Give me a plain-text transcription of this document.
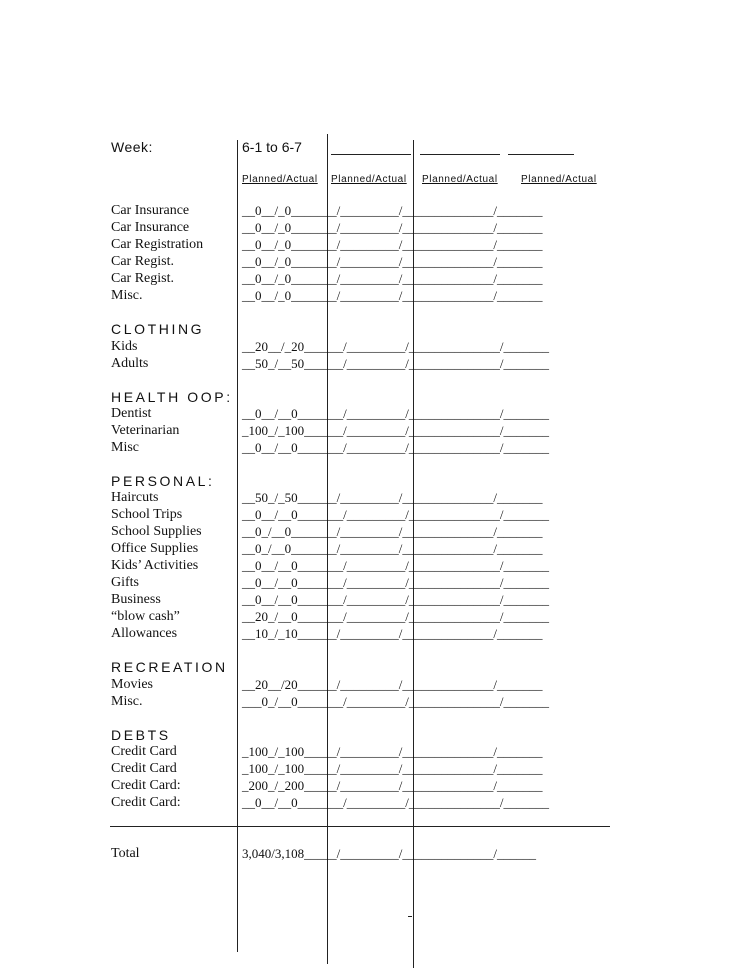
Week:	6-1 to 6-7
Planned/Actual Planned/Actual Planned/Actual Planned/Actual
Car Insurance	__0__/_0_______/_________/______________/_______
Car Insurance	__0__/_0_______/_________/______________/_______
Car Registration	__0__/_0_______/_________/______________/_______
Car Regist.	__0__/_0_______/_________/______________/_______
Car Regist.	__0__/_0_______/_________/______________/_______
Misc.	__0__/_0_______/_________/______________/_______
CLOTHING
Kids	__20__/_20______/_________/______________/_______
Adults	__50_/__50______/_________/______________/_______
HEALTH OOP:
Dentist	__0__/__0_______/_________/______________/_______
Veterinarian	_100_/_100______/_________/______________/_______
Misc	__0__/__0_______/_________/______________/_______
PERSONAL:
Haircuts	__50_/_50______/_________/______________/_______
School Trips	__0__/__0_______/_________/______________/_______
School Supplies	__0_/__0_______/_________/______________/_______
Office Supplies	__0_/__0_______/_________/______________/_______
Kids’ Activities	__0__/__0_______/_________/______________/_______
Gifts	__0__/__0_______/_________/______________/_______
Business	__0__/__0_______/_________/______________/_______
“blow cash”	__20_/__0_______/_________/______________/_______
Allowances	__10_/_10______/_________/______________/_______
RECREATION
Movies	__20__/20______/_________/______________/_______
Misc.	___0_/__0_______/_________/______________/_______
DEBTS
Credit Card	_100_/_100_____/_________/______________/_______
Credit Card	_100_/_100_____/_________/______________/_______
Credit Card:	_200_/_200_____/_________/______________/_______
Credit Card:	__0__/__0_______/_________/______________/_______
Total	3,040/3,108_____/_________/______________/______
